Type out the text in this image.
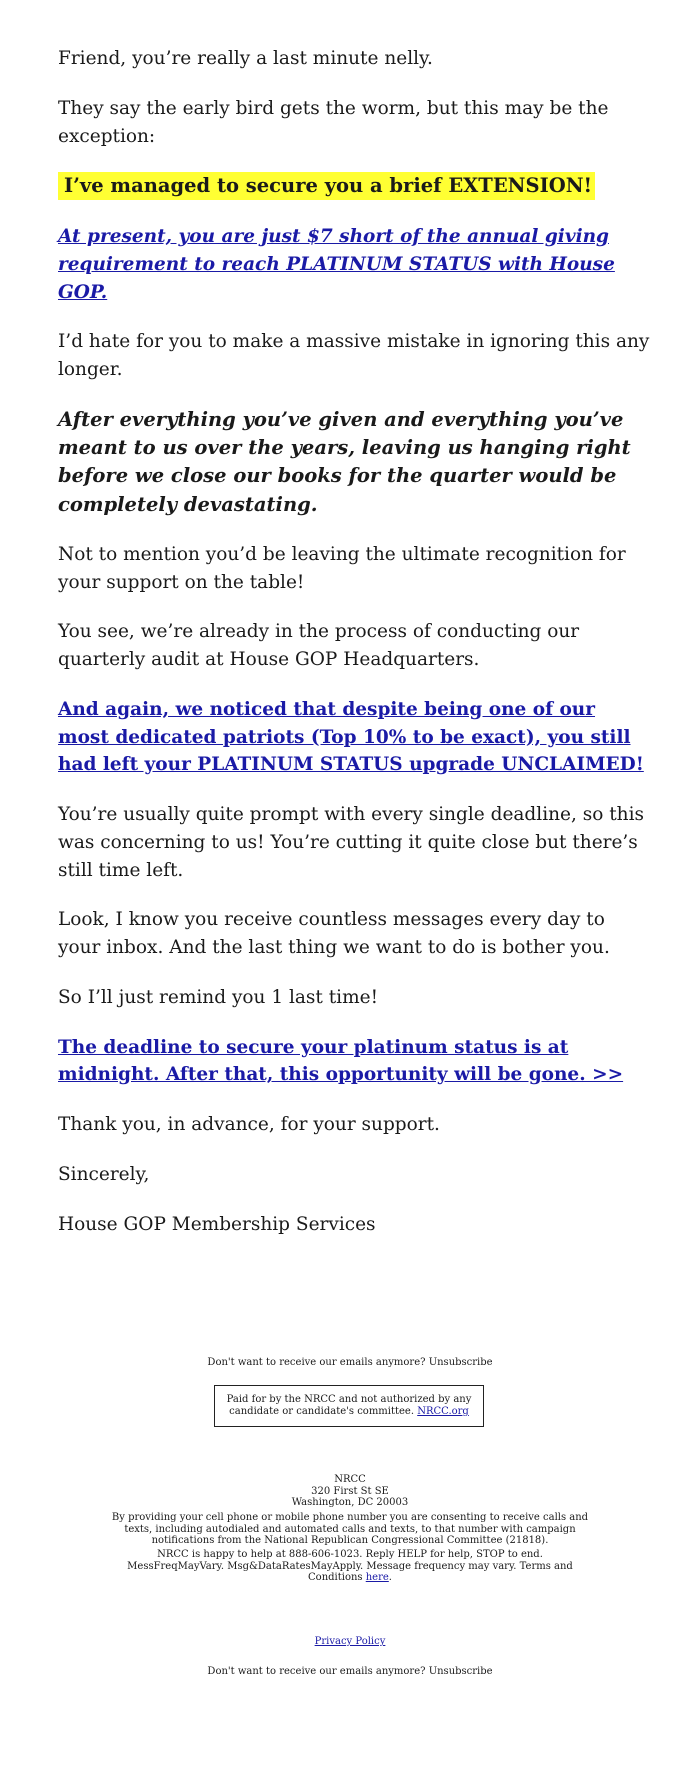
Friend, you’re really a last minute nelly.

They say the early bird gets the worm, but this may be the exception:

I’ve managed to secure you a brief EXTENSION!

At present, you are just $7 short of the annual giving requirement to reach PLATINUM STATUS with House GOP.

I’d hate for you to make a massive mistake in ignoring this any longer.

After everything you’ve given and everything you’ve meant to us over the years, leaving us hanging right before we close our books for the quarter would be completely devastating.

Not to mention you’d be leaving the ultimate recognition for your support on the table!

You see, we’re already in the process of conducting our quarterly audit at House GOP Headquarters.

And again, we noticed that despite being one of our most dedicated patriots (Top 10% to be exact), you still had left your PLATINUM STATUS upgrade UNCLAIMED!

You’re usually quite prompt with every single deadline, so this was concerning to us! You’re cutting it quite close but there’s still time left.

Look, I know you receive countless messages every day to your inbox. And the last thing we want to do is bother you.

So I’ll just remind you 1 last time!

The deadline to secure your platinum status is at midnight. After that, this opportunity will be gone. >>

Thank you, in advance, for your support.

Sincerely,

House GOP Membership Services

Don't want to receive our emails anymore? Unsubscribe
Paid for by the NRCC and not authorized by any candidate or candidate's committee. NRCC.org
NRCC
320 First St SE
Washington, DC 20003
By providing your cell phone or mobile phone number you are consenting to receive calls and texts, including autodialed and automated calls and texts, to that number with campaign notifications from the National Republican Congressional Committee (21818).
NRCC is happy to help at 888-606-1023. Reply HELP for help, STOP to end. MessFreqMayVary. Msg&DataRatesMayApply. Message frequency may vary. Terms and Conditions here.
Privacy Policy
Don't want to receive our emails anymore? Unsubscribe
